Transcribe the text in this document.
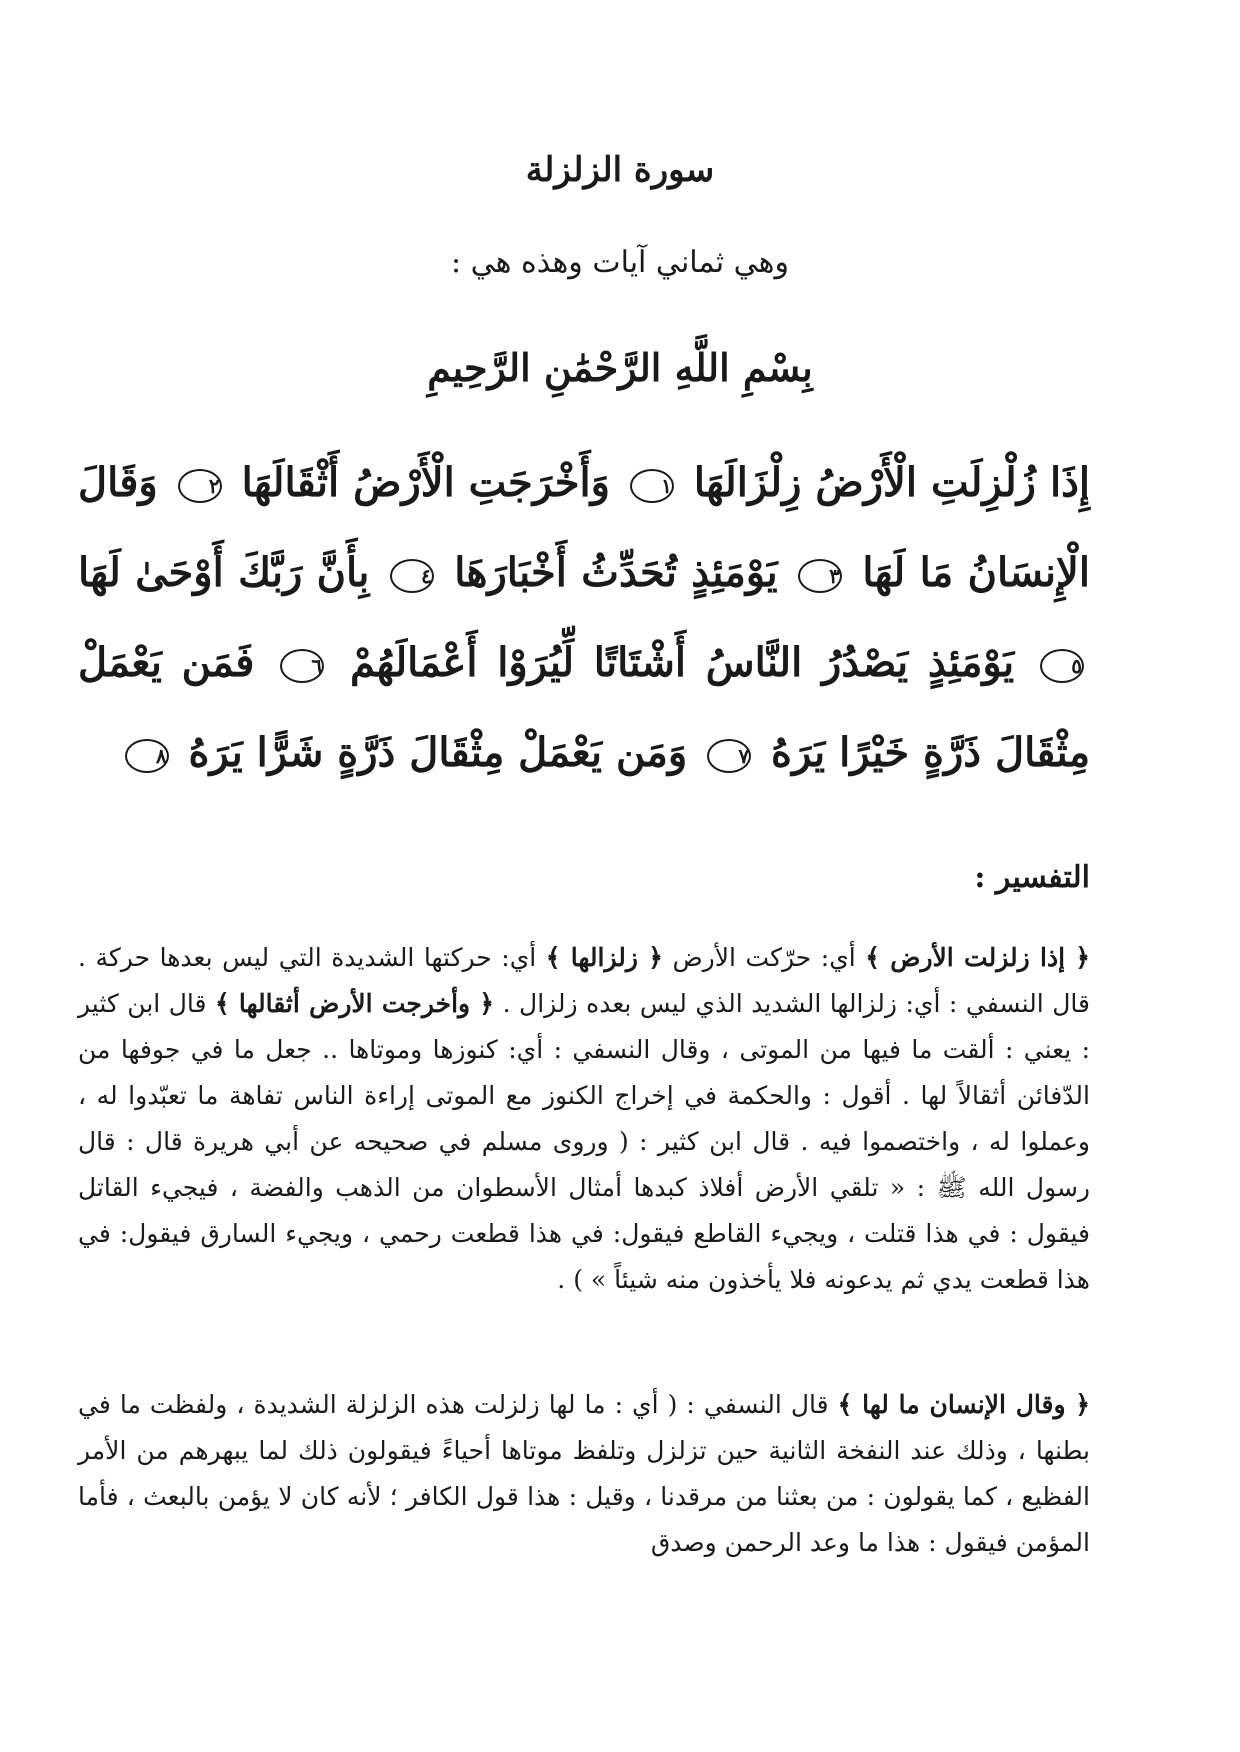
سورة الزلزلة
وهي ثماني آيات وهذه هي :
بِسْمِ اللَّهِ الرَّحْمَٰنِ الرَّحِيمِ
إِذَا زُلْزِلَتِ الْأَرْضُ زِلْزَالَهَا ١ وَأَخْرَجَتِ الْأَرْضُ أَثْقَالَهَا ٢ وَقَالَ الْإِنسَانُ مَا لَهَا ٣ يَوْمَئِذٍ تُحَدِّثُ أَخْبَارَهَا ٤ بِأَنَّ رَبَّكَ أَوْحَىٰ لَهَا ٥ يَوْمَئِذٍ يَصْدُرُ النَّاسُ أَشْتَاتًا لِّيُرَوْا أَعْمَالَهُمْ ٦ فَمَن يَعْمَلْ مِثْقَالَ ذَرَّةٍ خَيْرًا يَرَهُ ٧ وَمَن يَعْمَلْ مِثْقَالَ ذَرَّةٍ شَرًّا يَرَهُ ٨
التفسير :
﴿ إذا زلزلت الأرض ﴾ أي: حرّكت الأرض ﴿ زلزالها ﴾ أي: حركتها الشديدة التي ليس بعدها حركة . قال النسفي : أي: زلزالها الشديد الذي ليس بعده زلزال . ﴿ وأخرجت الأرض أثقالها ﴾ قال ابن كثير : يعني : ألقت ما فيها من الموتى ، وقال النسفي : أي: كنوزها وموتاها .. جعل ما في جوفها من الدّفائن أثقالاً لها . أقول : والحكمة في إخراج الكنوز مع الموتى إراءة الناس تفاهة ما تعبّدوا له ، وعملوا له ، واختصموا فيه . قال ابن كثير : ( وروى مسلم في صحيحه عن أبي هريرة قال : قال رسول الله ﷺ : « تلقي الأرض أفلاذ كبدها أمثال الأسطوان من الذهب والفضة ، فيجيء القاتل فيقول : في هذا قتلت ، ويجيء القاطع فيقول: في هذا قطعت رحمي ، ويجيء السارق فيقول: في هذا قطعت يدي ثم يدعونه فلا يأخذون منه شيئاً » ) .
﴿ وقال الإنسان ما لها ﴾ قال النسفي : ( أي : ما لها زلزلت هذه الزلزلة الشديدة ، ولفظت ما في بطنها ، وذلك عند النفخة الثانية حين تزلزل وتلفظ موتاها أحياءً فيقولون ذلك لما يبهرهم من الأمر الفظيع ، كما يقولون : من بعثنا من مرقدنا ، وقيل : هذا قول الكافر ؛ لأنه كان لا يؤمن بالبعث ، فأما المؤمن فيقول : هذا ما وعد الرحمن وصدق
